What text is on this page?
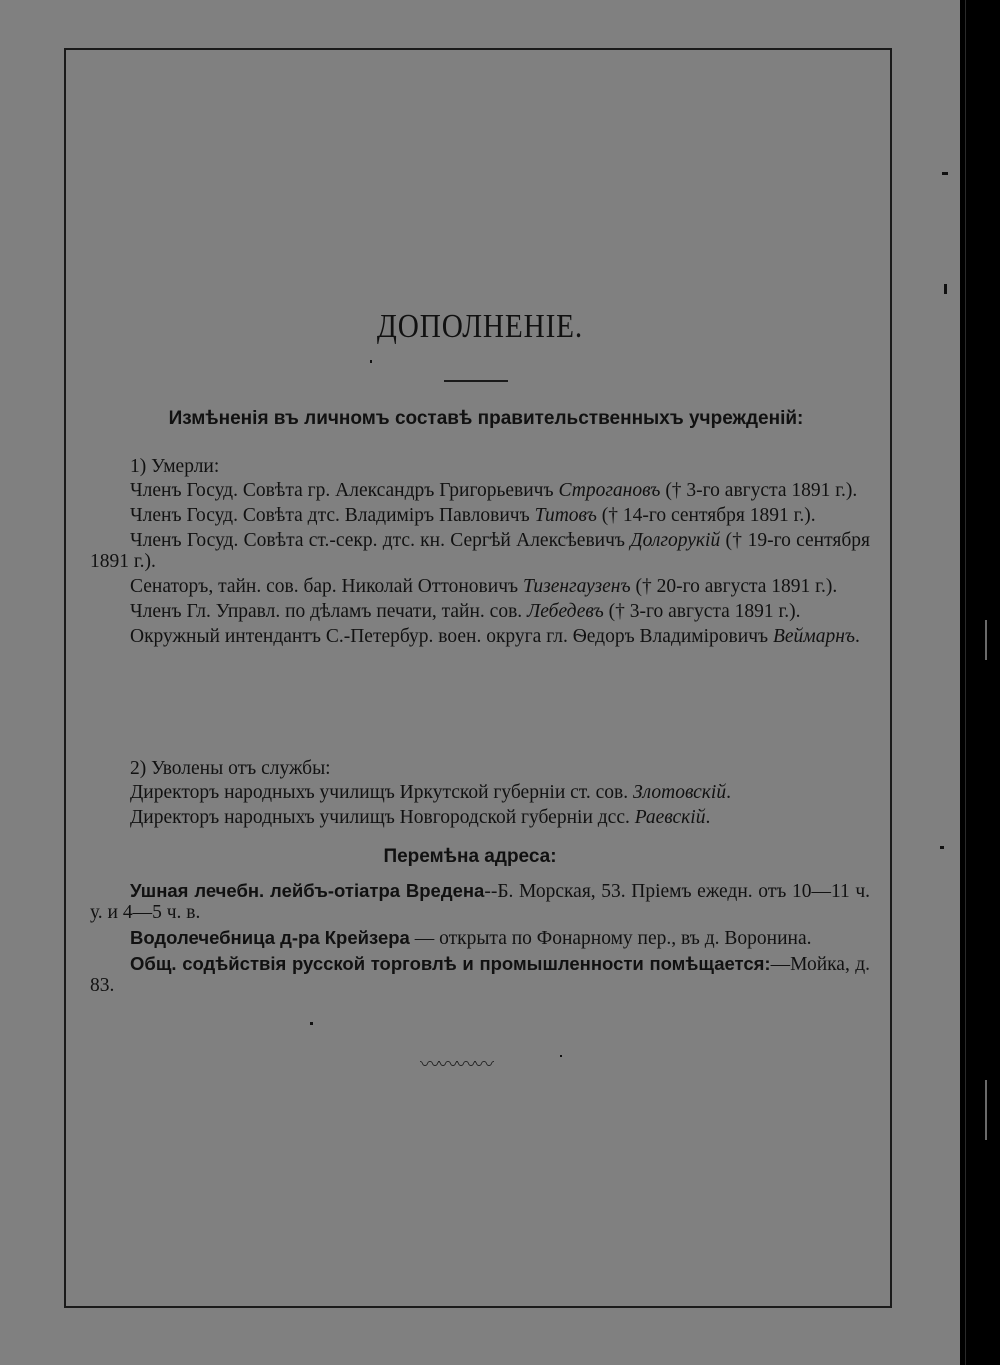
ДОПОЛНЕНІЕ.
Измѣненія въ личномъ составѣ правительственныхъ учрежденій:

1) Умерли:

Членъ Госуд. Совѣта гр. Александръ Григорьевичъ Строгановъ († 3-го августа 1891 г.).

Членъ Госуд. Совѣта дтс. Владиміръ Павловичъ Титовъ († 14-го сентября 1891 г.).

Членъ Госуд. Совѣта ст.-секр. дтс. кн. Сергѣй Алексѣевичъ Долгорукій († 19-го сентября 1891 г.).

Сенаторъ, тайн. сов. бар. Николай Оттоновичъ Тизенгаузенъ († 20-го августа 1891 г.).

Членъ Гл. Управл. по дѣламъ печати, тайн. сов. Лебедевъ († 3-го августа 1891 г.).

Окружный интендантъ С.-Петербур. воен. округа гл. Ѳедоръ Владиміровичъ Веймарнъ.

2) Уволены отъ службы:

Директоръ народныхъ училищъ Иркутской губерніи ст. сов. Злотовскій.

Директоръ народныхъ училищъ Новгородской губерніи дсс. Раевскій.

Перемѣна адреса:

Ушная лечебн. лейбъ-отіатра Вредена--Б. Морская, 53. Пріемъ ежедн. отъ 10—11 ч. у. и 4—5 ч. в.

Водолечебница д-ра Крейзера — открыта по Фонарному пер., въ д. Воронина.

Общ. содѣйствія русской торговлѣ и промышленности помѣщается:—Мойка, д. 83.

〰〰〰〰
